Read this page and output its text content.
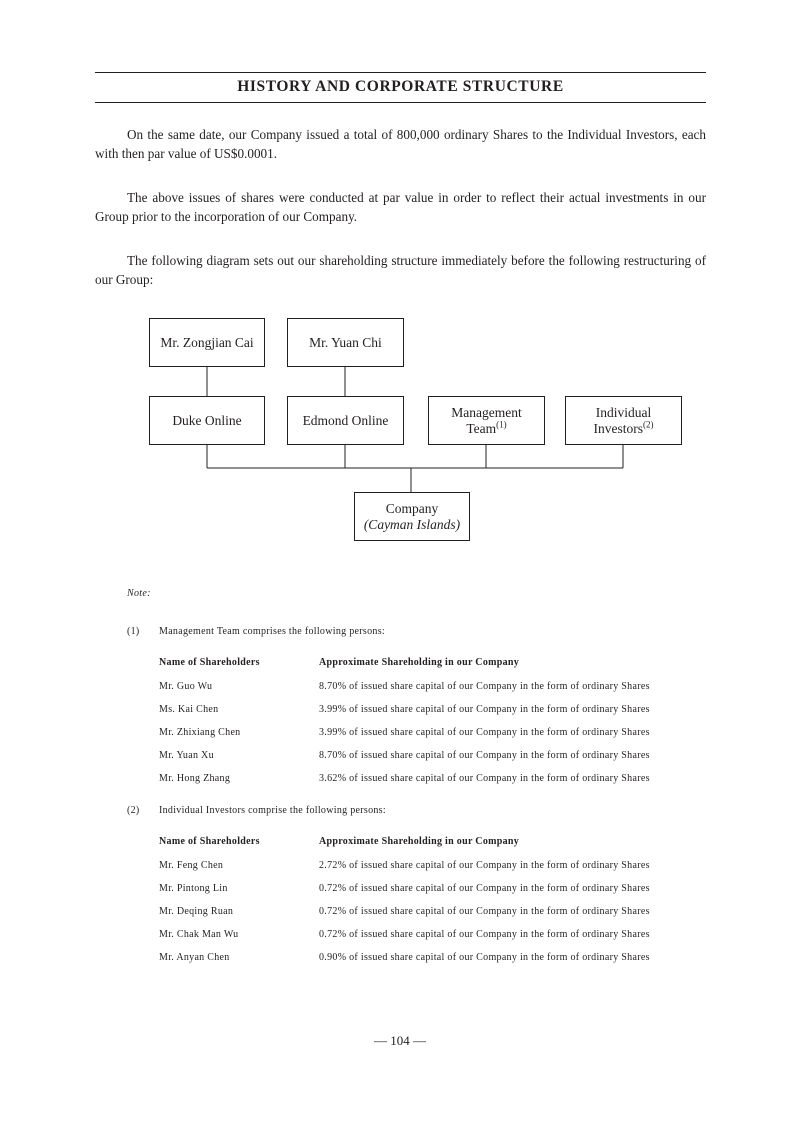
HISTORY AND CORPORATE STRUCTURE

On the same date, our Company issued a total of 800,000 ordinary Shares to the Individual Investors, each with then par value of US$0.0001.

The above issues of shares were conducted at par value in order to reflect their actual investments in our Group prior to the incorporation of our Company.

The following diagram sets out our shareholding structure immediately before the following restructuring of our Group:

Mr. Zongjian Cai	Mr. Yuan Chi
Duke Online	Edmond Online
Management
Team$^{(1)}$
Individual
Investors$^{(2)}$
Company
(Cayman Islands)
Note:
(1) Management Team comprises the following persons:
Name of Shareholders	Approximate Shareholding in our Company
Mr. Guo Wu	8.70% of issued share capital of our Company in the form of ordinary Shares
Ms. Kai Chen	3.99% of issued share capital of our Company in the form of ordinary Shares
Mr. Zhixiang Chen	3.99% of issued share capital of our Company in the form of ordinary Shares
Mr. Yuan Xu	8.70% of issued share capital of our Company in the form of ordinary Shares
Mr. Hong Zhang	3.62% of issued share capital of our Company in the form of ordinary Shares
(2) Individual Investors comprise the following persons:
Name of Shareholders	Approximate Shareholding in our Company
Mr. Feng Chen	2.72% of issued share capital of our Company in the form of ordinary Shares
Mr. Pintong Lin	0.72% of issued share capital of our Company in the form of ordinary Shares
Mr. Deqing Ruan	0.72% of issued share capital of our Company in the form of ordinary Shares
Mr. Chak Man Wu	0.72% of issued share capital of our Company in the form of ordinary Shares
Mr. Anyan Chen	0.90% of issued share capital of our Company in the form of ordinary Shares
— 104 —
